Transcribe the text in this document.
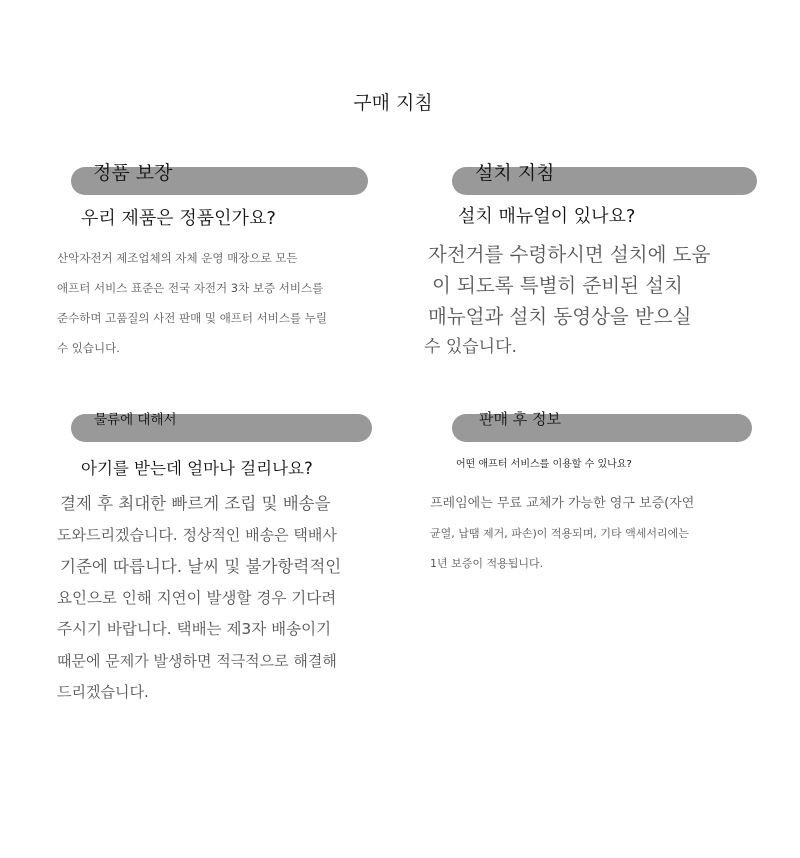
구매 지침
정품 보장
우리 제품은 정품인가요?

산악자전거 제조업체의 자체 운영 매장으로 모든
애프터 서비스 표준은 전국 자전거 3차 보증 서비스를
준수하며 고품질의 사전 판매 및 애프터 서비스를 누릴
수 있습니다.

설치 지침
설치 매뉴얼이 있나요?

자전거를 수령하시면 설치에 도움
이 되도록 특별히 준비된 설치
매뉴얼과 설치 동영상을 받으실
수 있습니다.

물류에 대해서
아기를 받는데 얼마나 걸리나요?

결제 후 최대한 빠르게 조립 및 배송을
도와드리겠습니다. 정상적인 배송은 택배사
기준에 따릅니다. 날씨 및 불가항력적인
요인으로 인해 지연이 발생할 경우 기다려
주시기 바랍니다. 택배는 제3자 배송이기
때문에 문제가 발생하면 적극적으로 해결해
드리겠습니다.

판매 후 정보
어떤 애프터 서비스를 이용할 수 있나요?

프레임에는 무료 교체가 가능한 영구 보증(자연
균열, 납땜 제거, 파손)이 적용되며, 기타 액세서리에는
1년 보증이 적용됩니다.
